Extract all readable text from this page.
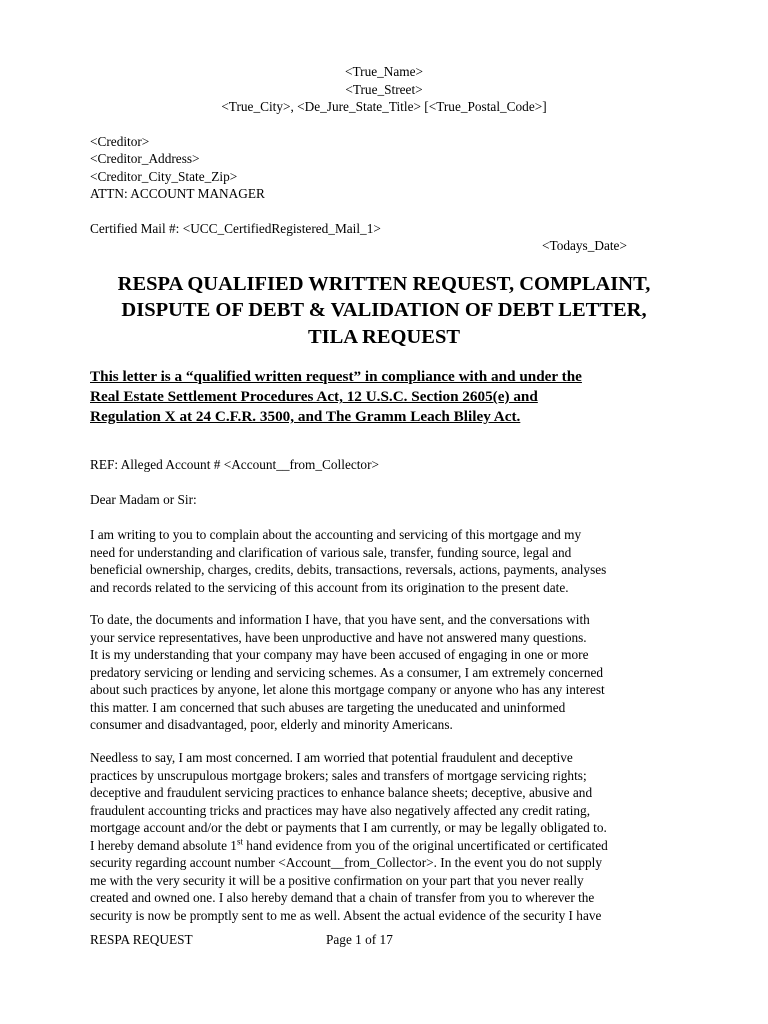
<True_Name>
<True_Street>
<True_City>, <De_Jure_State_Title> [<True_Postal_Code>]
<Creditor>
<Creditor_Address>
<Creditor_City_State_Zip>
ATTN: ACCOUNT MANAGER
Certified Mail #: <UCC_CertifiedRegistered_Mail_1>
<Todays_Date>
RESPA QUALIFIED WRITTEN REQUEST, COMPLAINT,
DISPUTE OF DEBT & VALIDATION OF DEBT LETTER,
TILA REQUEST
This letter is a “qualified written request” in compliance with and under the
Real Estate Settlement Procedures Act, 12 U.S.C. Section 2605(e) and
Regulation X at 24 C.F.R. 3500, and The Gramm Leach Bliley Act.
REF: Alleged Account # <Account__from_Collector>
Dear Madam or Sir:
I am writing to you to complain about the accounting and servicing of this mortgage and my
need for understanding and clarification of various sale, transfer, funding source, legal and
beneficial ownership, charges, credits, debits, transactions, reversals, actions, payments, analyses
and records related to the servicing of this account from its origination to the present date.
To date, the documents and information I have, that you have sent, and the conversations with
your service representatives, have been unproductive and have not answered many questions.
It is my understanding that your company may have been accused of engaging in one or more
predatory servicing or lending and servicing schemes. As a consumer, I am extremely concerned
about such practices by anyone, let alone this mortgage company or anyone who has any interest
this matter. I am concerned that such abuses are targeting the uneducated and uninformed
consumer and disadvantaged, poor, elderly and minority Americans.
Needless to say, I am most concerned. I am worried that potential fraudulent and deceptive
practices by unscrupulous mortgage brokers; sales and transfers of mortgage servicing rights;
deceptive and fraudulent servicing practices to enhance balance sheets; deceptive, abusive and
fraudulent accounting tricks and practices may have also negatively affected any credit rating,
mortgage account and/or the debt or payments that I am currently, or may be legally obligated to.
I hereby demand absolute 1st hand evidence from you of the original uncertificated or certificated
security regarding account number <Account__from_Collector>. In the event you do not supply
me with the very security it will be a positive confirmation on your part that you never really
created and owned one. I also hereby demand that a chain of transfer from you to wherever the
security is now be promptly sent to me as well. Absent the actual evidence of the security I have
RESPA REQUEST	Page 1 of 17
